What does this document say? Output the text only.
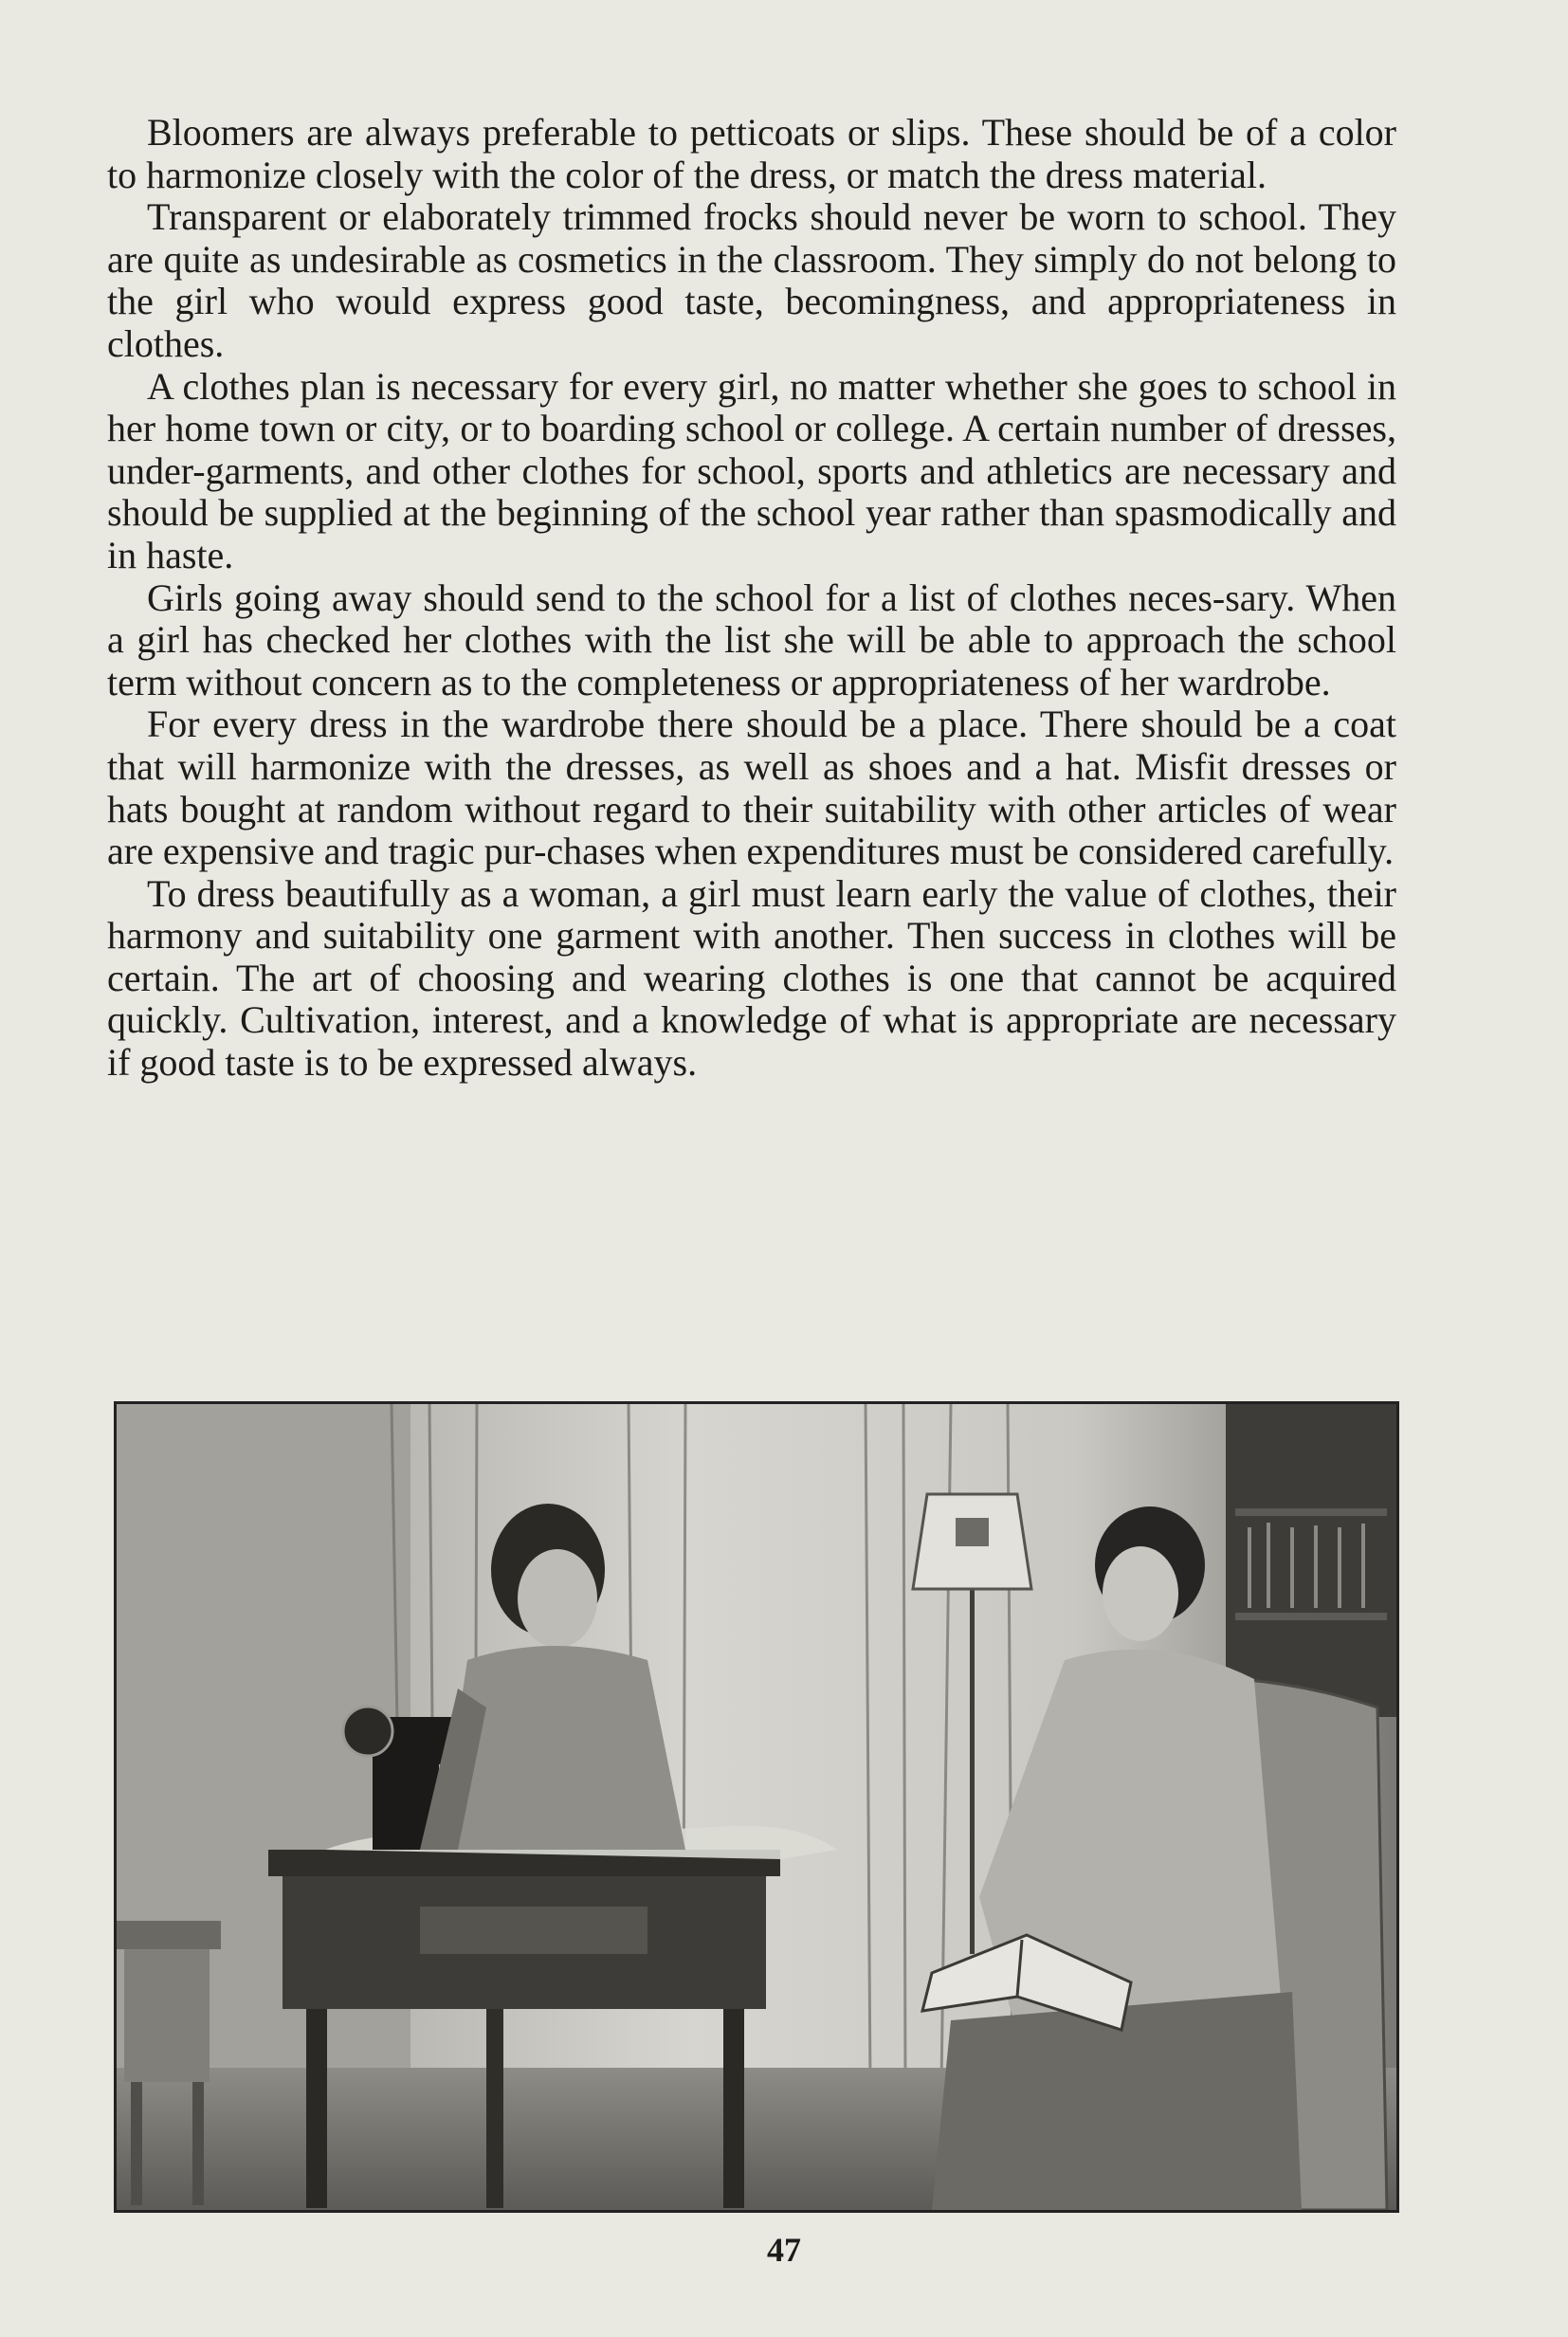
Bloomers are always preferable to petticoats or slips. These should be of a color to harmonize closely with the color of the dress, or match the dress material.

Transparent or elaborately trimmed frocks should never be worn to school. They are quite as undesirable as cosmetics in the classroom. They simply do not belong to the girl who would express good taste, becomingness, and appropriateness in clothes.

A clothes plan is necessary for every girl, no matter whether she goes to school in her home town or city, or to boarding school or college. A certain number of dresses, under-garments, and other clothes for school, sports and athletics are necessary and should be supplied at the beginning of the school year rather than spasmodically and in haste.

Girls going away should send to the school for a list of clothes neces-sary. When a girl has checked her clothes with the list she will be able to approach the school term without concern as to the completeness or appropriateness of her wardrobe.

For every dress in the wardrobe there should be a place. There should be a coat that will harmonize with the dresses, as well as shoes and a hat. Misfit dresses or hats bought at random without regard to their suitability with other articles of wear are expensive and tragic pur-chases when expenditures must be considered carefully.

To dress beautifully as a woman, a girl must learn early the value of clothes, their harmony and suitability one garment with another. Then success in clothes will be certain. The art of choosing and wearing clothes is one that cannot be acquired quickly. Cultivation, interest, and a knowledge of what is appropriate are necessary if good taste is to be expressed always.

47
